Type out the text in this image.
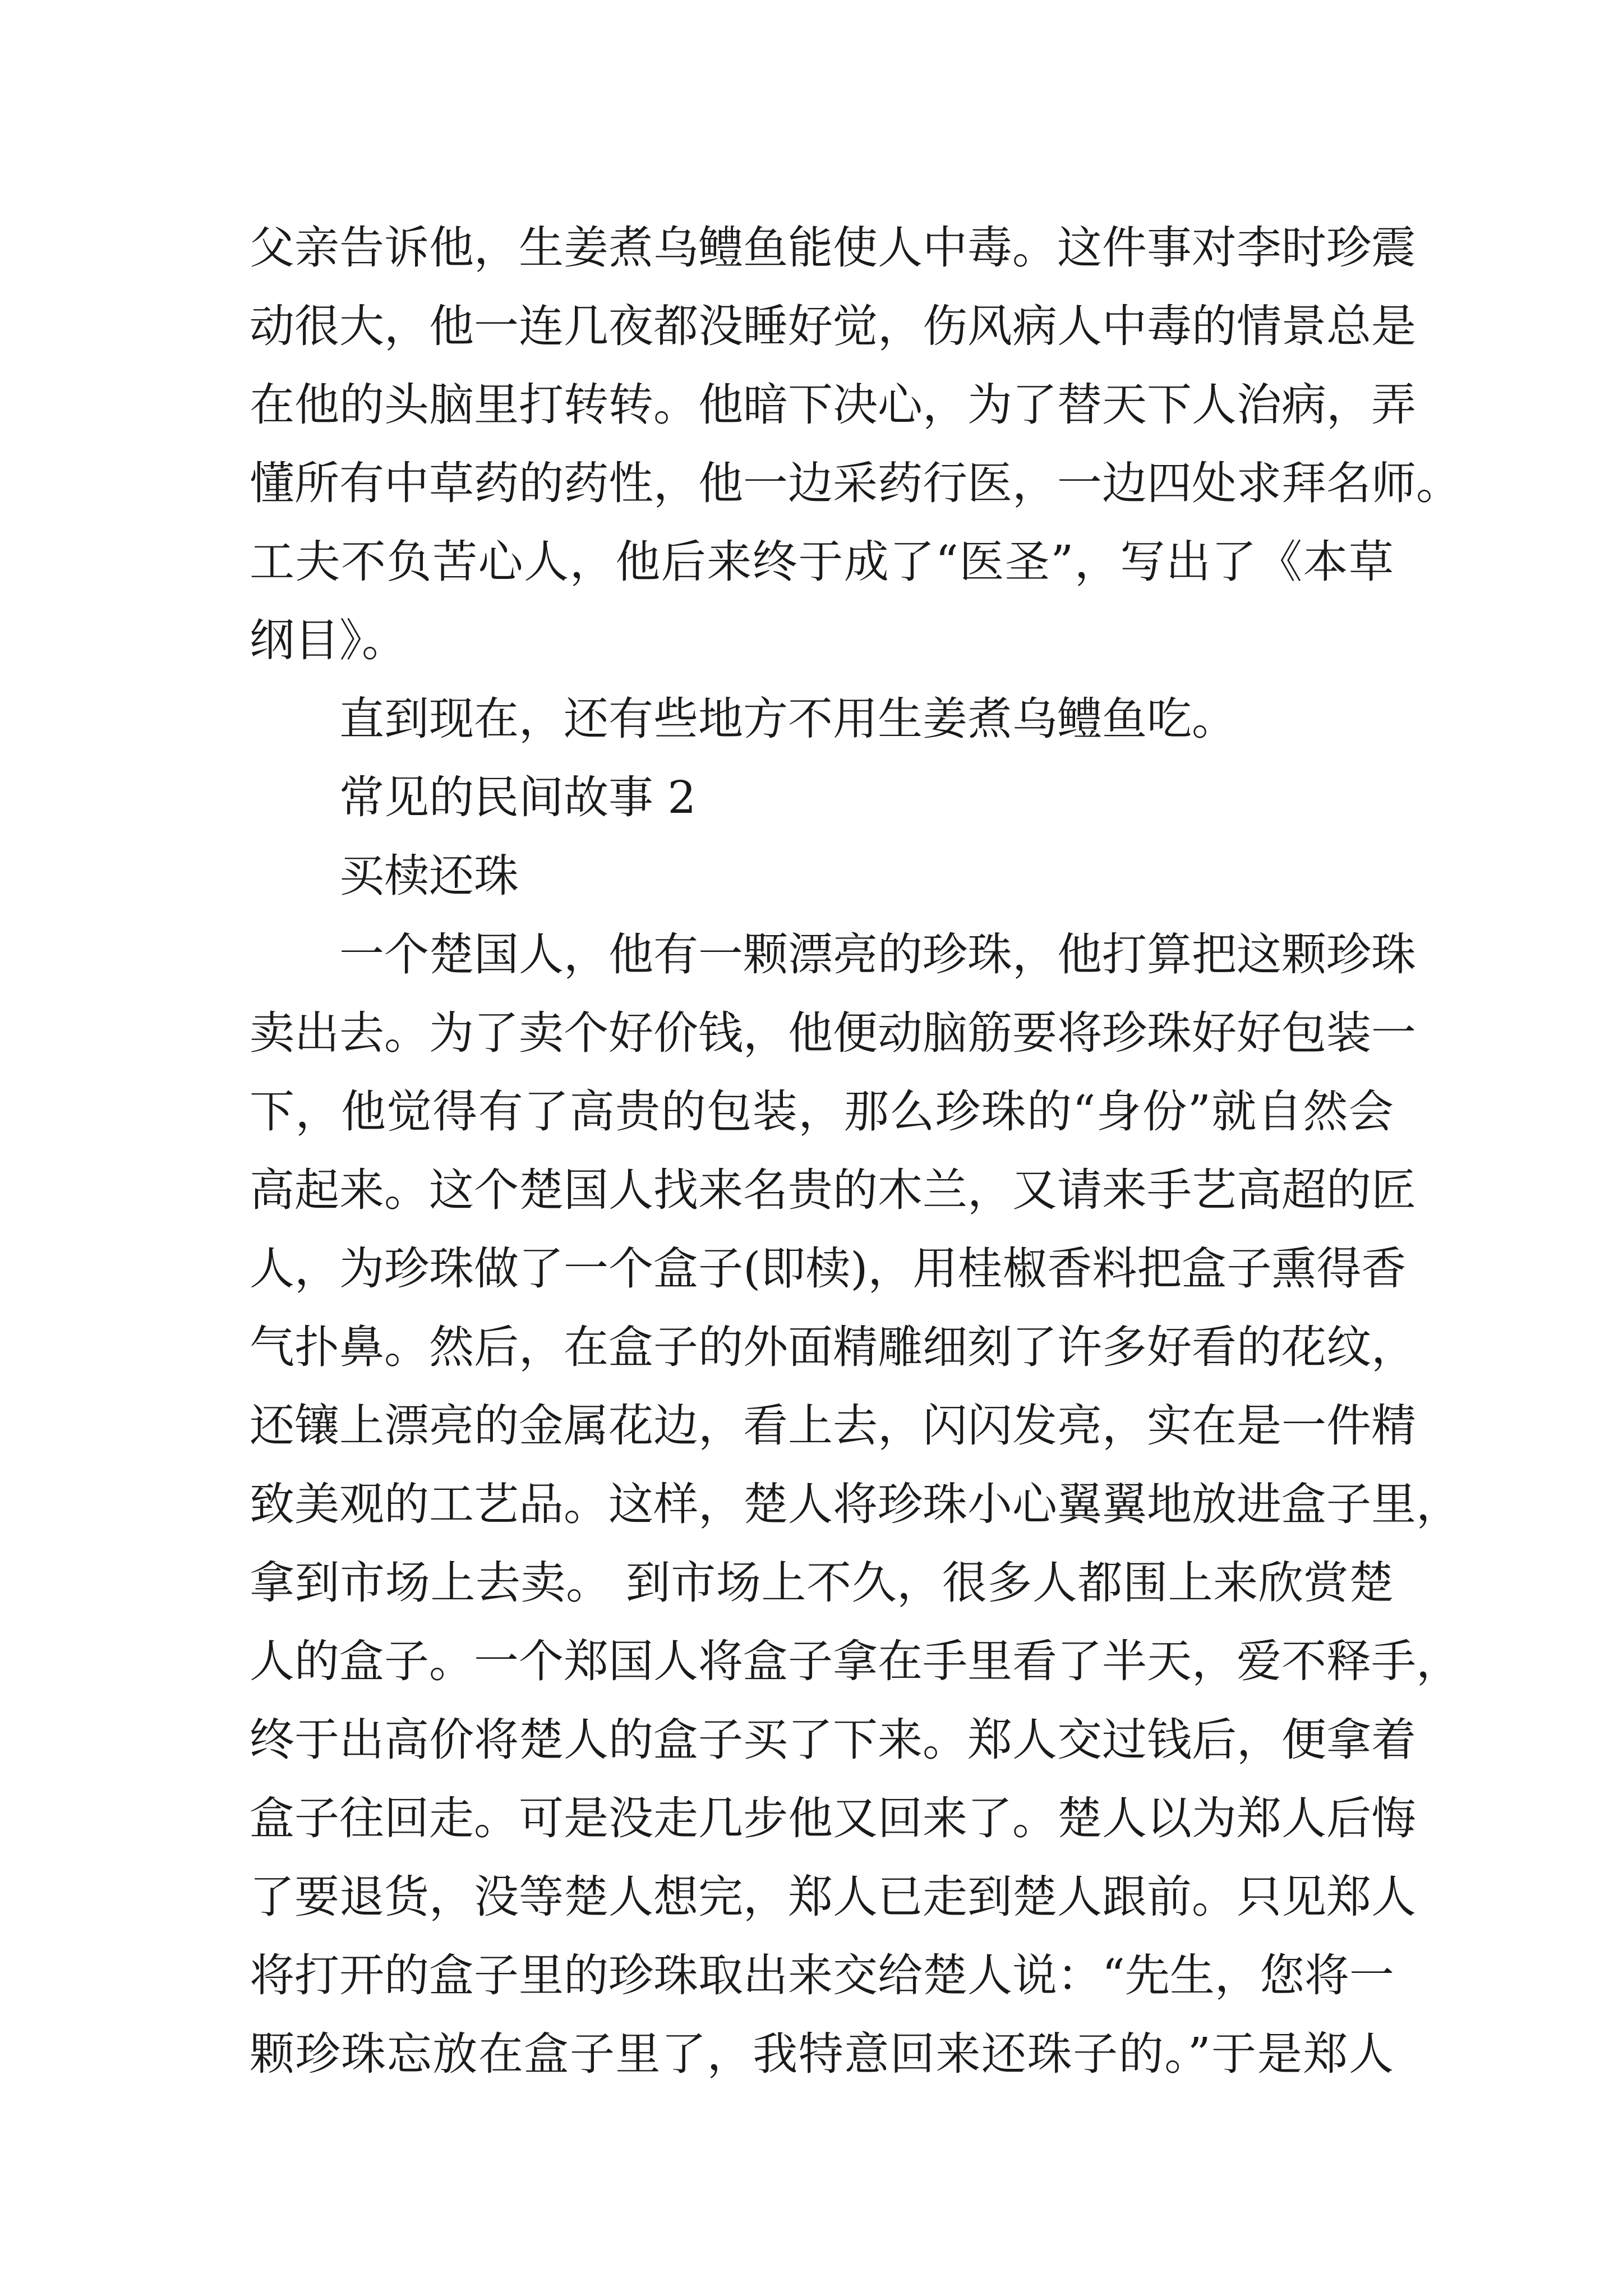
父亲告诉他，生姜煮乌鳢鱼能使人中毒。这件事对李时珍震
动很大，他一连几夜都没睡好觉，伤风病人中毒的情景总是
在他的头脑里打转转。他暗下决心，为了替天下人治病，弄
懂所有中草药的药性，他一边采药行医，一边四处求拜名师。
工夫不负苦心人，他后来终于成了“医圣”，写出了《本草
纲目》。
直到现在，还有些地方不用生姜煮乌鳢鱼吃。
常见的民间故事 2
买椟还珠
一个楚国人，他有一颗漂亮的珍珠，他打算把这颗珍珠
卖出去。为了卖个好价钱，他便动脑筋要将珍珠好好包装一
下，他觉得有了高贵的包装，那么珍珠的“身份”就自然会
高起来。这个楚国人找来名贵的木兰，又请来手艺高超的匠
人，为珍珠做了一个盒子(即椟)，用桂椒香料把盒子熏得香
气扑鼻。然后，在盒子的外面精雕细刻了许多好看的花纹，
还镶上漂亮的金属花边，看上去，闪闪发亮，实在是一件精
致美观的工艺品。这样，楚人将珍珠小心翼翼地放进盒子里，
拿到市场上去卖。 到市场上不久，很多人都围上来欣赏楚
人的盒子。一个郑国人将盒子拿在手里看了半天，爱不释手，
终于出高价将楚人的盒子买了下来。郑人交过钱后，便拿着
盒子往回走。可是没走几步他又回来了。楚人以为郑人后悔
了要退货，没等楚人想完，郑人已走到楚人跟前。只见郑人
将打开的盒子里的珍珠取出来交给楚人说：“先生，您将一
颗珍珠忘放在盒子里了，我特意回来还珠子的。”于是郑人
